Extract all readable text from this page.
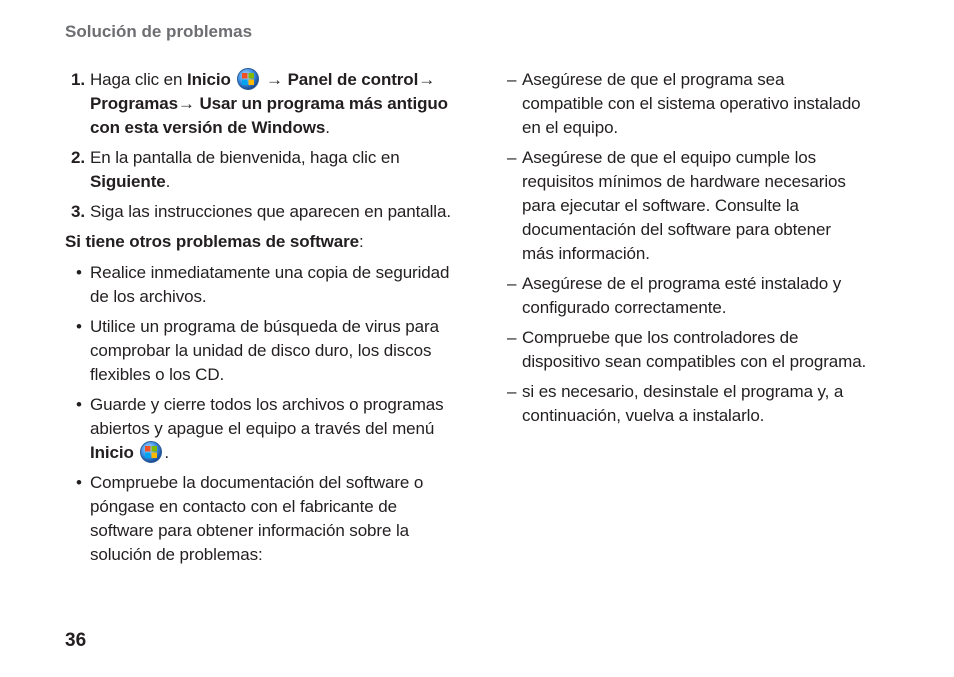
Solución de problemas
1. Haga clic en Inicio
→ Panel de control→ Programas→ Usar un programa más antiguo con esta versión de Windows.
2. En la pantalla de bienvenida, haga clic en Siguiente.
3. Siga las instrucciones que aparecen en pantalla.
Si tiene otros problemas de software:
• Realice inmediatamente una copia de seguridad de los archivos.
• Utilice un programa de búsqueda de virus para comprobar la unidad de disco duro, los discos flexibles o los CD.
• Guarde y cierre todos los archivos o programas abiertos y apague el equipo a través del menú Inicio .
• Compruebe la documentación del software o póngase en contacto con el fabricante de software para obtener información sobre la solución de problemas:
– Asegúrese de que el programa sea compatible con el sistema operativo instalado en el equipo.
– Asegúrese de que el equipo cumple los requisitos mínimos de hardware necesarios para ejecutar el software. Consulte la documentación del software para obtener más información.
– Asegúrese de el programa esté instalado y configurado correctamente.
– Compruebe que los controladores de dispositivo sean compatibles con el programa.
– si es necesario, desinstale el programa y, a continuación, vuelva a instalarlo.
36
